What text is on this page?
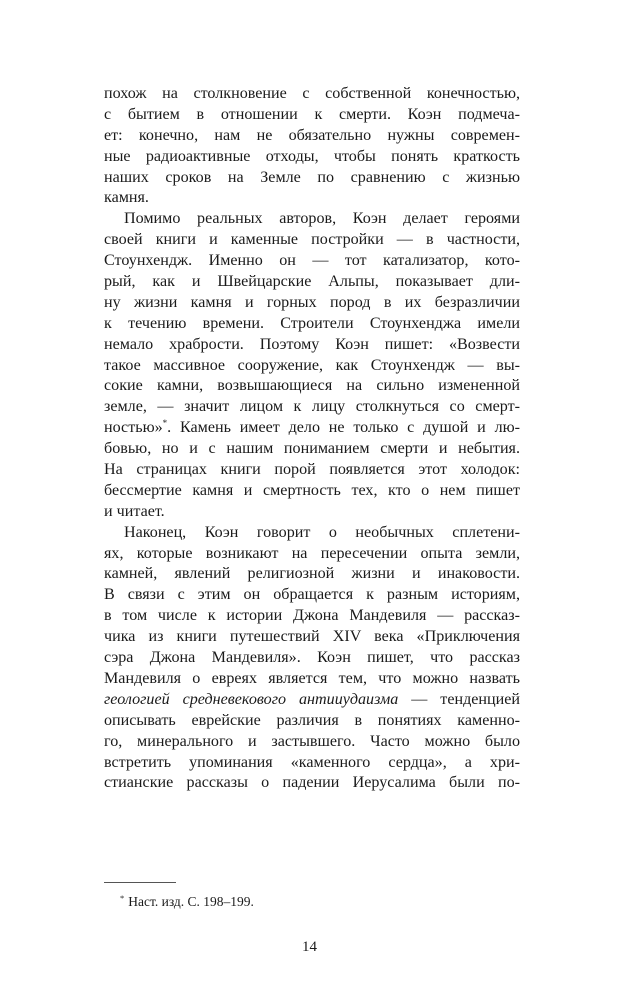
похож на столкновение с собственной конечностью,
с бытием в отношении к смерти. Коэн подмеча-
ет: конечно, нам не обязательно нужны современ-
ные радиоактивные отходы, чтобы понять краткость
наших сроков на Земле по сравнению с жизнью
камня.
Помимо реальных авторов, Коэн делает героями
своей книги и каменные постройки — в частности,
Стоунхендж. Именно он — тот катализатор, кото-
рый, как и Швейцарские Альпы, показывает дли-
ну жизни камня и горных пород в их безразличии
к течению времени. Строители Стоунхенджа имели
немало храбрости. Поэтому Коэн пишет: «Возвести
такое массивное сооружение, как Стоунхендж — вы-
сокие камни, возвышающиеся на сильно измененной
земле, — значит лицом к лицу столкнуться со смерт-
ностью»*. Камень имеет дело не только с душой и лю-
бовью, но и с нашим пониманием смерти и небытия.
На страницах книги порой появляется этот холодок:
бессмертие камня и смертность тех, кто о нем пишет
и читает.
Наконец, Коэн говорит о необычных сплетени-
ях, которые возникают на пересечении опыта земли,
камней, явлений религиозной жизни и инаковости.
В связи с этим он обращается к разным историям,
в том числе к истории Джона Мандевиля — рассказ-
чика из книги путешествий XIV века «Приключения
сэра Джона Мандевиля». Коэн пишет, что рассказ
Мандевиля о евреях является тем, что можно назвать
геологией средневекового антииудаизма — тенденцией
описывать еврейские различия в понятиях каменно-
го, минерального и застывшего. Часто можно было
встретить упоминания «каменного сердца», а хри-
стианские рассказы о падении Иерусалима были по-
* Наст. изд. С. 198–199.
14
